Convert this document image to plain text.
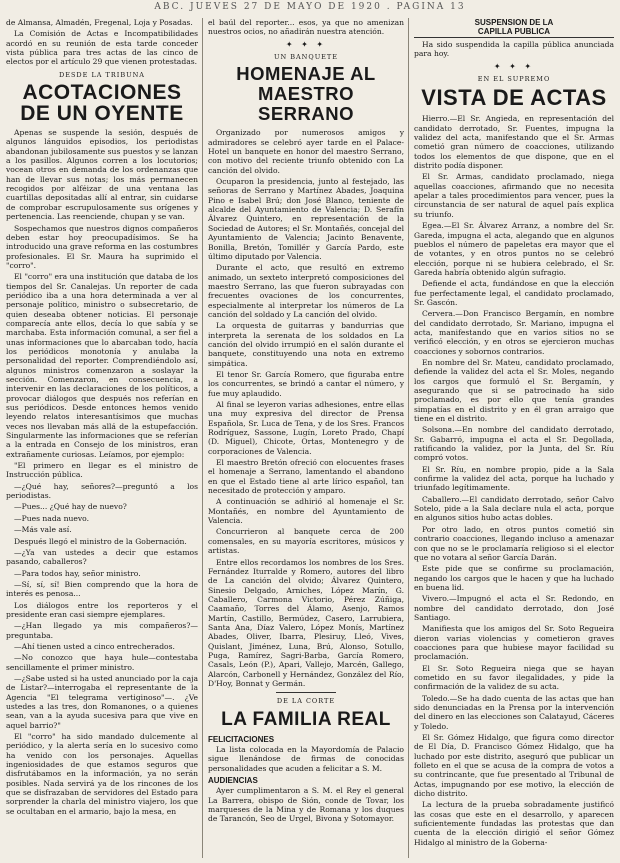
ABC. JUEVES 27 DE MAYO DE 1920 . PAGINA 13

de Almansa, Almadén, Fregenal, Loja y Posadas.

La Comisión de Actas e Incompatibilidades acordó en su reunión de esta tarde conceder vista pública para tres actas de las cinco de electos por el artículo 29 que vienen protestadas.

DESDE LA TRIBUNA
ACOTACIONES DE UN OYENTE

Apenas se suspende la sesión, después de algunos lánguidos episodios, los periodistas abandonan jubilosamente sus puestos y se lanzan a los pasillos. Algunos corren a los locutorios; vocean otros en demanda de los ordenanzas que han de llevar sus notas; los más permanecen recogidos por alféizar de una ventana las cuartillas depositadas allí al entrar, sin cuidarse de comprobar escrupulosamente sus orígenes y pertenencia. Las reenciende, chupan y se van.

Sospechamos que nuestros dignos compañeros deben estar hoy preocupadísimos. Se ha introducido una grave reforma en las costumbres profesionales. El Sr. Maura ha suprimido el "corro".

El "corro" era una institución que databa de los tiempos del Sr. Canalejas. Un reporter de cada periódico iba a una hora determinada a ver al personaje político, ministro o subsecretario, de quien deseaba obtener noticias. El personaje comparecía ante ellos, decía lo que sabía y se marchaba. Esta información comunal, a ser fiel a unas informaciones que lo abarcaban todo, hacía los periódicos monotonía y anulaba la personalidad del reporter. Comprendiéndolo así, algunos ministros comenzaron a soslayar la sección. Comenzaron, en consecuencia, a intervenir en las declaraciones de los políticos, a provocar diálogos que después nos referían en sus periódicos. Desde entonces hemos venido leyendo relatos interesantísimos que muchas veces nos llevaban más allá de la estupefacción. Singularmente las informaciones que se referían a la entrada en Consejo de los ministros, eran extrañamente curiosas. Leíamos, por ejemplo:

"El primero en llegar es el ministro de Instrucción pública.

—¿Qué hay, señores?—preguntó a los periodistas.

—Pues... ¿Qué hay de nuevo?

—Pues nada nuevo.

—Más vale así.

Después llegó el ministro de la Gobernación.

—¿Ya van ustedes a decir que estamos pasando, caballeros?

—Para todos hay, señor ministro.

—Sí, sí, sí! Bien comprendo que la hora de interés es penosa...

Los diálogos entre los reporteros y el presidente eran casi siempre ejemplares.

—¿Han llegado ya mis compañeros?—preguntaba.

—Ahí tienen usted a cinco entrecherados.

—No conozco que haya hule—contestaba sencillamente el primer ministro.

—¿Sabe usted si ha usted anunciado por la caja de Listar?—interrogaba el representante de la Agencia "El telegrama vertiginoso"—. ¿Ve ustedes a las tres, don Romanones, o a quienes sean, van a la ayuda sucesiva para que vive en aquel barrio?"

El "corro" ha sido mandado dulcemente al periódico, y la alerta sería en lo sucesivo como ha venido con los personajes. Aquellas ingeniosidades de que estamos seguros que disfrutábamos en la información, ya no serán posibles. Nada servirá ya de los rincones de los que se disfrazaban de servidores del Estado para sorprender la charla del ministro viajero, los que se ocultaban en el armario, bajo la mesa, en

el baúl del reporter... esos, ya que no amenizan nuestros ocios, no añadirán nuestra atención.

✦ ✦ ✦
UN BANQUETE
HOMENAJE AL MAESTRO SERRANO

Organizado por numerosos amigos y admiradores se celebró ayer tarde en el Palace-Hotel un banquete en honor del maestro Serrano, con motivo del reciente triunfo obtenido con La canción del olvido.

Ocuparon la presidencia, junto al festejado, las señoras de Serrano y Martínez Abades, Joaquina Pino e Isabel Brú; don José Blanco, teniente de alcalde del Ayuntamiento de Valencia; D. Serafín Álvarez Quintero, en representación de la Sociedad de Autores; el Sr. Montañés, concejal del Ayuntamiento de Valencia; Jacinto Benavente, Bonilla, Bretón, Tomillér y García Pardo, este último diputado por Valencia.

Durante el acto, que resultó en extremo animado, un sexteto interpretó composiciones del maestro Serrano, las que fueron subrayadas con frecuentes ovaciones de los concurrentes, especialmente al interpretar los números de La canción del soldado y La canción del olvido.

La orquesta de guitarras y bandurrias que interpreta la serenata de los soldados en La canción del olvido irrumpió en el salón durante el banquete, constituyendo una nota en extremo simpática.

El tenor Sr. García Romero, que figuraba entre los concurrentes, se brindó a cantar el número, y fue muy aplaudido.

Al final se leyeron varias adhesiones, entre ellas una muy expresiva del director de Prensa Española, Sr. Luca de Tena, y de los Sres. Francos Rodríguez, Sassone, Lugín, Loreto Prado, Chapí (D. Miguel), Chicote, Ortas, Montenegro y de corporaciones de Valencia.

El maestro Bretón ofreció con elocuentes frases el homenaje a Serrano, lamentando el abandono en que el Estado tiene al arte lírico español, tan necesitado de protección y amparo.

A continuación se adhirió al homenaje el Sr. Montañés, en nombre del Ayuntamiento de Valencia.

Concurrieron al banquete cerca de 200 comensales, en su mayoría escritores, músicos y artistas.

Entre ellos recordamos los nombres de los Sres. Fernández Iturralde y Romero, autores del libro de La canción del olvido; Álvarez Quintero, Sinesio Delgado, Arniches, López Marín, G. Caballero, Carmona Victorio, Pérez Zúñiga, Caamaño, Torres del Álamo, Asenjo, Ramos Martín, Castillo, Bermúdez, Casero, Larrubiera, Santa Ana, Díaz Valero, López Monís, Martínez Abades, Oliver, Ibarra, Plesiruy, Lleó, Vives, Quislant, Jiménez, Luna, Brú, Alonso, Sotullo, Puga, Ramírez, Sagri-Barba, García Romero, Casals, León (P.), Apari, Vallejo, Marcén, Gallego, Alarcón, Carbonell y Hernández, González del Río, D'Hoy, Bonnat y Germán.

DE LA CORTE
LA FAMILIA REAL
FELICITACIONES

La lista colocada en la Mayordomía de Palacio sigue llenándose de firmas de conocidas personalidades que acuden a felicitar a S. M.

AUDIENCIAS

Ayer cumplimentaron a S. M. el Rey el general La Barrera, obispo de Sión, conde de Tovar, los marqueses de la Mina y de Romana y los duques de Tarancón, Seo de Urgel, Bivona y Sotomayor.

SUSPENSION DE LA
CAPILLA PUBLICA

Ha sido suspendida la capilla pública anunciada para hoy.

✦ ✦ ✦
EN EL SUPREMO
VISTA DE ACTAS

Hierro.—El Sr. Angieda, en representación del candidato derrotado, Sr. Fuentes, impugna la validez del acta, manifestando que el Sr. Armas cometió gran número de coacciones, utilizando todos los elementos de que dispone, que en el distrito podía disponer.

El Sr. Armas, candidato proclamado, niega aquellas coacciones, afirmando que no necesita apelar a tales procedimientos para vencer, pues la circunstancia de ser natural de aquel país explica su triunfo.

Egea.—El Sr. Álvarez Arranz, a nombre del Sr. Gareda, impugna el acta, alegando que en algunos pueblos el número de papeletas era mayor que el de votantes, y en otros puntos no se celebró elección, porque ni se hubiera celebrado, el Sr. Gareda habría obtenido algún sufragio.

Defiende el acta, fundándose en que la elección fue perfectamente legal, el candidato proclamado, Sr. Gascón.

Cervera.—Don Francisco Bergamín, en nombre del candidato derrotado, Sr. Mariano, impugna el acta, manifestando que en varios sitios no se verificó elección, y en otros se ejercieron muchas coacciones y sobornos contrarios.

En nombre del Sr. Mateu, candidato proclamado, defiende la validez del acta el Sr. Moles, negando los cargos que formuló el Sr. Bergamín, y asegurando que si se patrocinado ha sido proclamado, es por ello que tenía grandes simpatías en el distrito y en él gran arraigo que tiene en el distrito.

Solsona.—En nombre del candidato derrotado, Sr. Gabarró, impugna el acta el Sr. Degollada, ratificando la validez, por la Junta, del Sr. Ríu compró votos.

El Sr. Ríu, en nombre propio, pide a la Sala confirme la validez del acta, porque ha luchado y triunfado legítimamente.

Caballero.—El candidato derrotado, señor Calvo Sotelo, pide a la Sala declare nula el acta, porque en algunos sitios hubo actas dobles.

Por otro lado, en otros puntos cometió sin contrario coacciones, llegando incluso a amenazar con que no se le proclamaría religioso si el elector que no votara al señor García Darán.

Este pide que se confirme su proclamación, negando los cargos que le hacen y que ha luchado en buena lid.

Vivero.—Impugnó el acta el Sr. Redondo, en nombre del candidato derrotado, don José Santiago.

Manifiesta que los amigos del Sr. Soto Regueira dieron varias violencias y cometieron graves coacciones para que hubiese mayor facilidad su proclamación.

El Sr. Soto Regueira niega que se hayan cometido en su favor ilegalidades, y pide la confirmación de la validez de su acta.

Toledo.—Se ha dado cuenta de las actas que han sido denunciadas en la Prensa por la intervención del dinero en las elecciones son Calatayud, Cáceres y Toledo.

El Sr. Gómez Hidalgo, que figura como director de El Día, D. Francisco Gómez Hidalgo, que ha luchado por este distrito, aseguró que publicar un folleto en el que se acusa de la compra de votos a su contrincante, que fue presentado al Tribunal de Actas, impugnando por ese motivo, la elección de dicho distrito.

La lectura de la prueba sobradamente justificó las cosas que este en el desarrollo, y aparecen suficientemente fundadas las protestas que dan cuenta de la elección dirigió el señor Gómez Hidalgo al ministro de la Goberna-
